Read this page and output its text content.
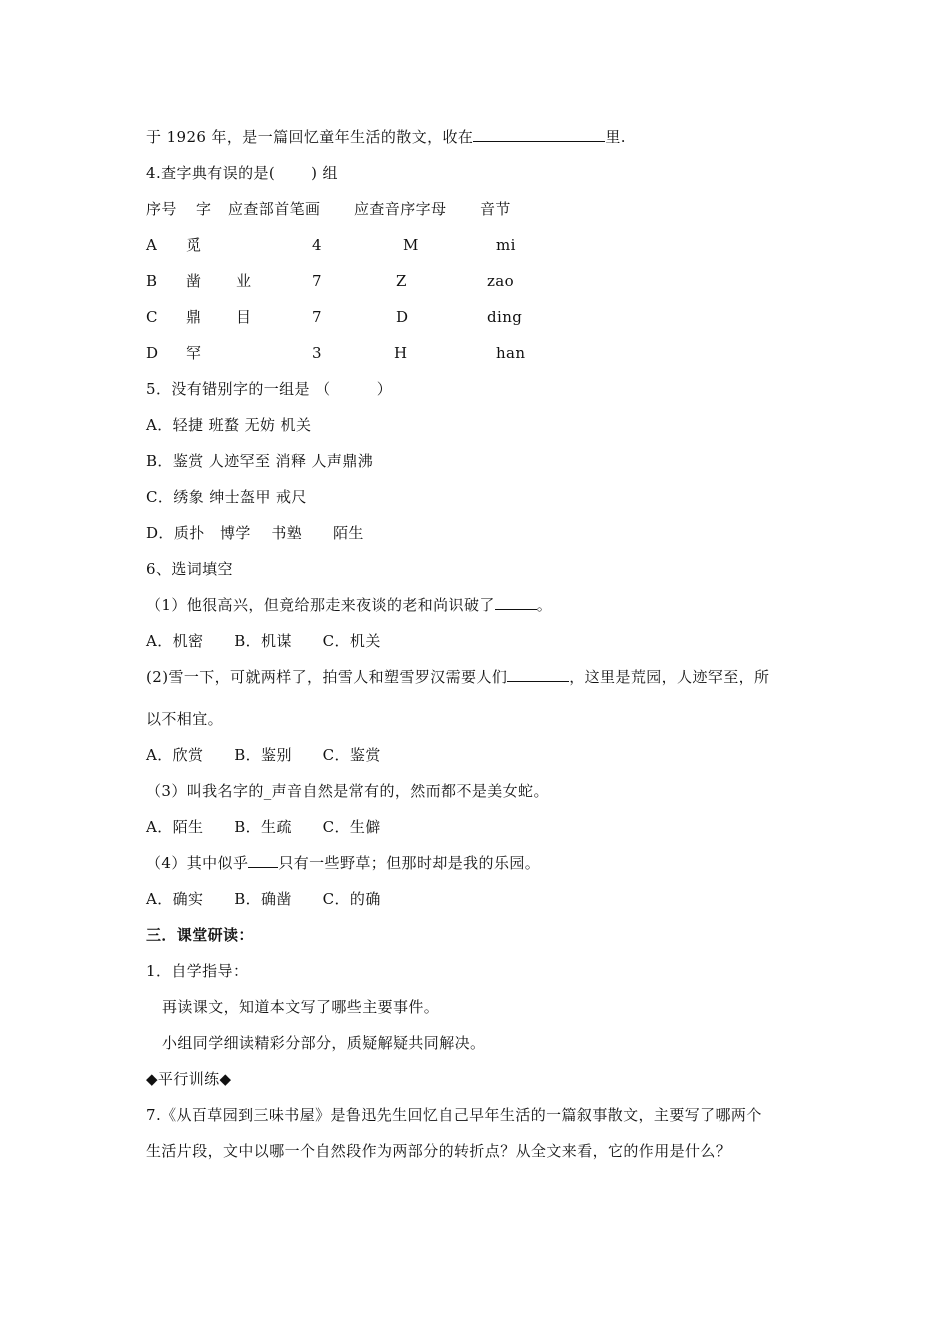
于 1926 年，是一篇回忆童年生活的散文，收在	里.
4.查字典有误的是(　　 ) 组
序号 字 应查部首笔画 应查音序字母 音节
A 觅	4	M	mi
B 凿 业	7	Z	zao
C 鼎 目	7	D	ding
D 罕	3	H	han
5．没有错别字的一组是 （　　　）
A．轻捷 班蝥 无妨 机关
B．鉴赏 人迹罕至 消释 人声鼎沸
C．绣象 绅士盔甲 戒尺
D．质扑　博学　 书塾　　陌生
6、选词填空
（1）他很高兴，但竟给那走来夜谈的老和尚识破了	。
A．机密　　B．机谋　　C．机关
(2)雪一下，可就两样了，拍雪人和塑雪罗汉需要人们	，这里是荒园，人迹罕至，所
以不相宜。
A．欣赏　　B．鉴别　　C．鉴赏
（3）叫我名字的_声音自然是常有的，然而都不是美女蛇。
A．陌生　　B．生疏　　C．生僻
（4）其中似乎 只有一些野草；但那时却是我的乐园。
A．确实　　B．确凿　　C．的确
三．课堂研读：
1．自学指导：
再读课文，知道本文写了哪些主要事件。
小组同学细读精彩分部分，质疑解疑共同解决。
◆平行训练◆
7.《从百草园到三味书屋》是鲁迅先生回忆自己早年生活的一篇叙事散文，主要写了哪两个
生活片段，文中以哪一个自然段作为两部分的转折点？从全文来看，它的作用是什么？
